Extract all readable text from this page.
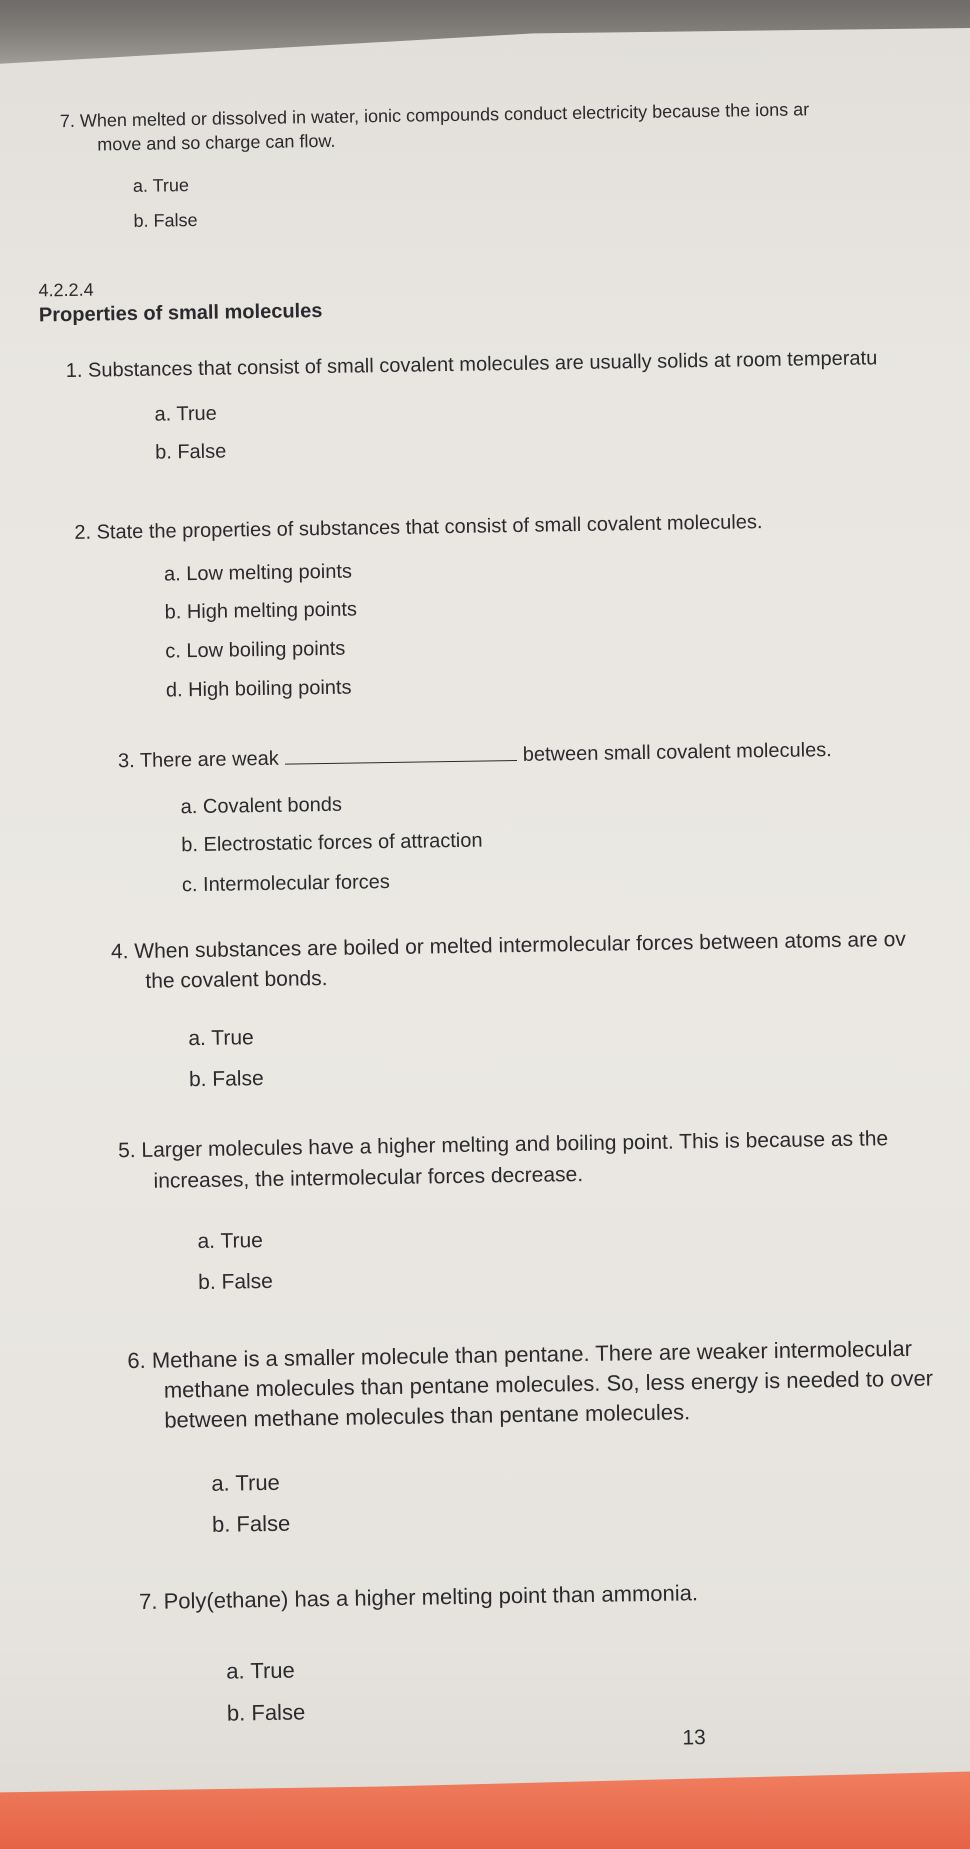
7. When melted or dissolved in water, ionic compounds conduct electricity because the ions ar
move and so charge can flow.
a. True
b. False
4.2.2.4
Properties of small molecules
1. Substances that consist of small covalent molecules are usually solids at room temperatu
a. True
b. False
2. State the properties of substances that consist of small covalent molecules.
a. Low melting points
b. High melting points
c. Low boiling points
d. High boiling points
3. There are weak	between small covalent molecules.
a. Covalent bonds
b. Electrostatic forces of attraction
c. Intermolecular forces
4. When substances are boiled or melted intermolecular forces between atoms are ov
the covalent bonds.
a. True
b. False
5. Larger molecules have a higher melting and boiling point. This is because as the
increases, the intermolecular forces decrease.
a. True
b. False
6. Methane is a smaller molecule than pentane. There are weaker intermolecular
methane molecules than pentane molecules. So, less energy is needed to over
between methane molecules than pentane molecules.
a. True
b. False
7. Poly(ethane) has a higher melting point than ammonia.
a. True
b. False
13
